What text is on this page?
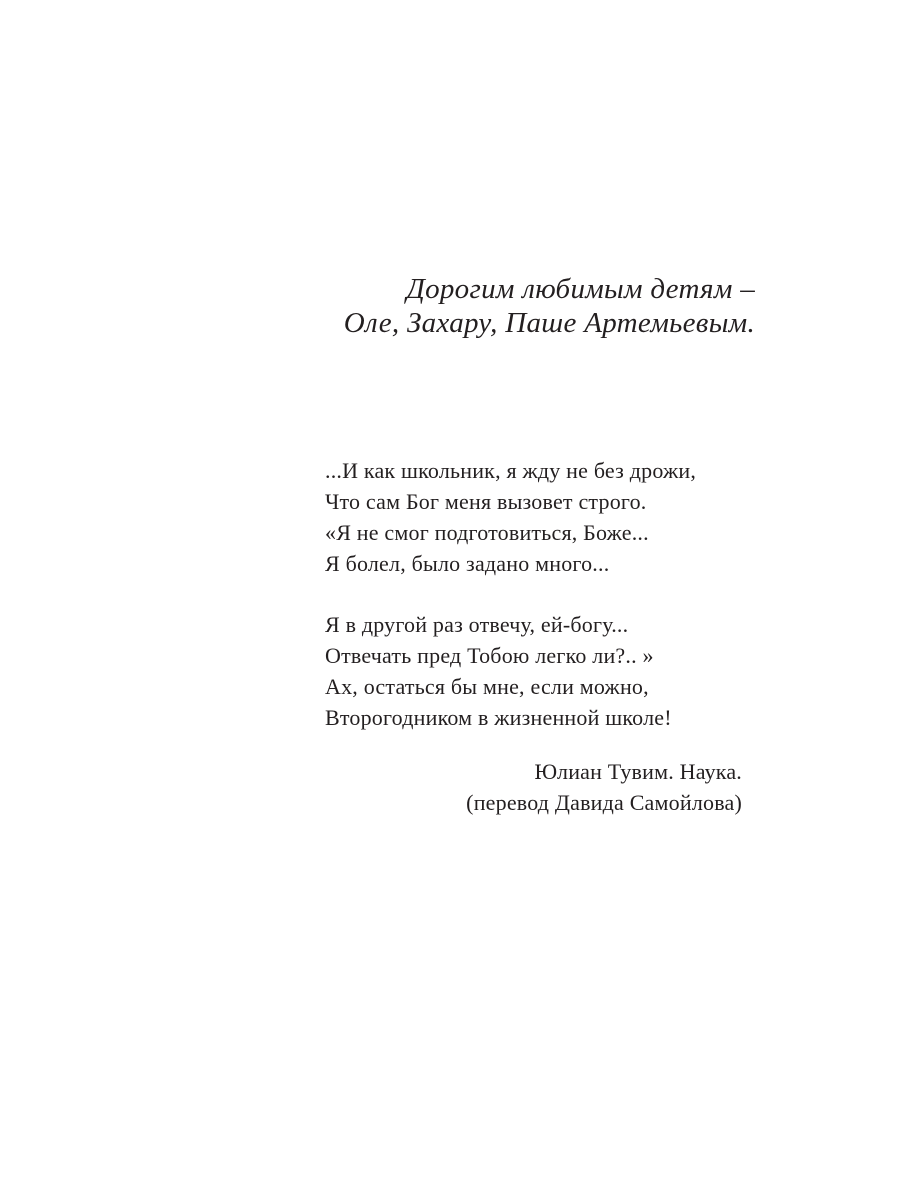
Дорогим любимым детям –
Оле, Захару, Паше Артемьевым.

...И как школьник, я жду не без дрожи,
Что сам Бог меня вызовет строго.
«Я не смог подготовиться, Боже...
Я болел, было задано много...

Я в другой раз отвечу, ей-богу...
Отвечать пред Тобою легко ли?.. »
Ах, остаться бы мне, если можно,
Второгодником в жизненной школе!

Юлиан Тувим. Наука.
(перевод Давида Самойлова)
